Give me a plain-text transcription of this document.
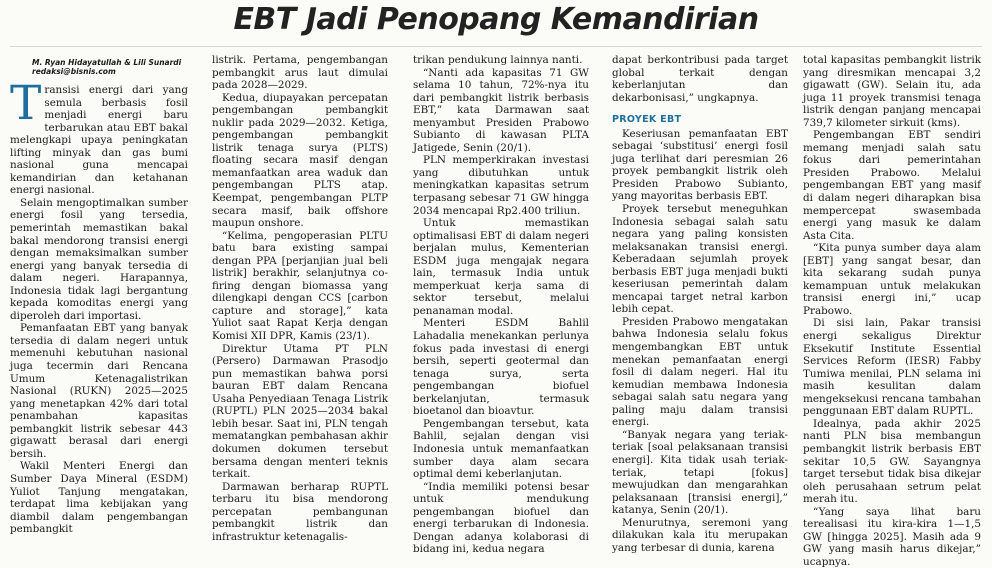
EBT Jadi Penopang Kemandirian
M. Ryan Hidayatullah & Lili Sunardi
redaksi@bisnis.com

Transisi energi dari yang semula berbasis fosil menjadi energi baru terbarukan atau EBT bakal melengkapi upaya peningkatan lifting minyak dan gas bumi nasional guna mencapai kemandirian dan ketahanan energi nasional.

Selain mengoptimalkan sumber energi fosil yang tersedia, pemerintah memastikan bakal bakal mendorong transisi energi dengan memaksimalkan sumber energi yang banyak tersedia di dalam negeri. Harapannya, Indonesia tidak lagi bergantung kepada komoditas energi yang diperoleh dari importasi.

Pemanfaatan EBT yang banyak tersedia di dalam negeri untuk memenuhi kebutuhan nasional juga tecermin dari Rencana Umum Ketenagalistrikan Nasional (RUKN) 2025—2025 yang menetapkan 42% dari total penambahan kapasitas pembangkit listrik sebesar 443 gigawatt berasal dari energi bersih.

Wakil Menteri Energi dan Sumber Daya Mineral (ESDM) Yuliot Tanjung mengatakan, terdapat lima kebijakan yang diambil dalam pengembangan pembangkit

listrik. Pertama, pengembangan pembangkit arus laut dimulai pada 2028—2029.

Kedua, diupayakan percepatan pengembangan pembangkit nuklir pada 2029—2032. Ketiga, pengembangan pembangkit listrik tenaga surya (PLTS) floating secara masif dengan memanfaatkan area waduk dan pengembangan PLTS atap. Keempat, pengembangan PLTP secara masif, baik offshore maupun onshore.

“Kelima, pengoperasian PLTU batu bara existing sampai dengan PPA [perjanjian jual beli listrik] berakhir, selanjutnya co-firing dengan biomassa yang dilengkapi dengan CCS [carbon capture and storage],” kata Yuliot saat Rapat Kerja dengan Komisi XII DPR, Kamis (23/1).

Direktur Utama PT PLN (Persero) Darmawan Prasodjo pun memastikan bahwa porsi bauran EBT dalam Rencana Usaha Penyediaan Tenaga Listrik (RUPTL) PLN 2025—2034 bakal lebih besar. Saat ini, PLN tengah mematangkan pembahasan akhir dokumen dokumen tersebut bersama dengan menteri teknis terkait.

Darmawan berharap RUPTL terbaru itu bisa mendorong percepatan pembangunan pembangkit listrik dan infrastruktur ketenagalis-

trikan pendukung lainnya nanti.

“Nanti ada kapasitas 71 GW selama 10 tahun, 72%-nya itu dari pembangkit listrik berbasis EBT,” kata Darmawan saat menyambut Presiden Prabowo Subianto di kawasan PLTA Jatigede, Senin (20/1).

PLN memperkirakan investasi yang dibutuhkan untuk meningkatkan kapasitas setrum terpasang sebesar 71 GW hingga 2034 mencapai Rp2.400 triliun.

Untuk memastikan optimalisasi EBT di dalam negeri berjalan mulus, Kementerian ESDM juga mengajak negara lain, termasuk India untuk memperkuat kerja sama di sektor tersebut, melalui penanaman modal.

Menteri ESDM Bahlil Lahadalia menekankan perlunya fokus pada investasi di energi bersih, seperti geotermal dan tenaga surya, serta pengembangan biofuel berkelanjutan, termasuk bioetanol dan bioavtur.

Pengembangan tersebut, kata Bahlil, sejalan dengan visi Indonesia untuk memanfaatkan sumber daya alam secara optimal demi keberlanjutan.

“India memiliki potensi besar untuk mendukung pengembangan biofuel dan energi terbarukan di Indonesia. Dengan adanya kolaborasi di bidang ini, kedua negara

dapat berkontribusi pada target global terkait dengan keberlanjutan dan dekarbonisasi,” ungkapnya.

PROYEK EBT

Keseriusan pemanfaatan EBT sebagai ‘substitusi’ energi fosil juga terlihat dari peresmian 26 proyek pembangkit listrik oleh Presiden Prabowo Subianto, yang mayoritas berbasis EBT.

Proyek tersebut meneguhkan Indonesia sebagai salah satu negara yang paling konsisten melaksanakan transisi energi. Keberadaan sejumlah proyek berbasis EBT juga menjadi bukti keseriusan pemerintah dalam mencapai target netral karbon lebih cepat.

Presiden Prabowo mengatakan bahwa Indonesia selalu fokus mengembangkan EBT untuk menekan pemanfaatan energi fosil di dalam negeri. Hal itu kemudian membawa Indonesia sebagai salah satu negara yang paling maju dalam transisi energi.

“Banyak negara yang teriak-teriak [soal pelaksanaan transisi energi]. Kita tidak usah teriak-teriak, tetapi [fokus] mewujudkan dan mengarahkan pelaksanaan [transisi energi],” katanya, Senin (20/1).

Menurutnya, seremoni yang dilakukan kala itu merupakan yang terbesar di dunia, karena

total kapasitas pembangkit listrik yang diresmikan mencapai 3,2 gigawatt (GW). Selain itu, ada juga 11 proyek transmisi tenaga listrik dengan panjang mencapai 739,7 kilometer sirkuit (kms).

Pengembangan EBT sendiri memang menjadi salah satu fokus dari pemerintahan Presiden Prabowo. Melalui pengembangan EBT yang masif di dalam negeri diharapkan bisa mempercepat swasembada energi yang masuk ke dalam Asta Cita.

“Kita punya sumber daya alam [EBT] yang sangat besar, dan kita sekarang sudah punya kemampuan untuk melakukan transisi energi ini,” ucap Prabowo.

Di sisi lain, Pakar transisi energi sekaligus Direktur Eksekutif Institute Essential Services Reform (IESR) Fabby Tumiwa menilai, PLN selama ini masih kesulitan dalam mengeksekusi rencana tambahan penggunaan EBT dalam RUPTL.

Idealnya, pada akhir 2025 nanti PLN bisa membangun pembangkit listrik berbasis EBT sekitar 10,5 GW. Sayangnya target tersebut tidak bisa dikejar oleh perusahaan setrum pelat merah itu.

“Yang saya lihat baru terealisasi itu kira-kira 1—1,5 GW [hingga 2025]. Masih ada 9 GW yang masih harus dikejar,” ucapnya.
